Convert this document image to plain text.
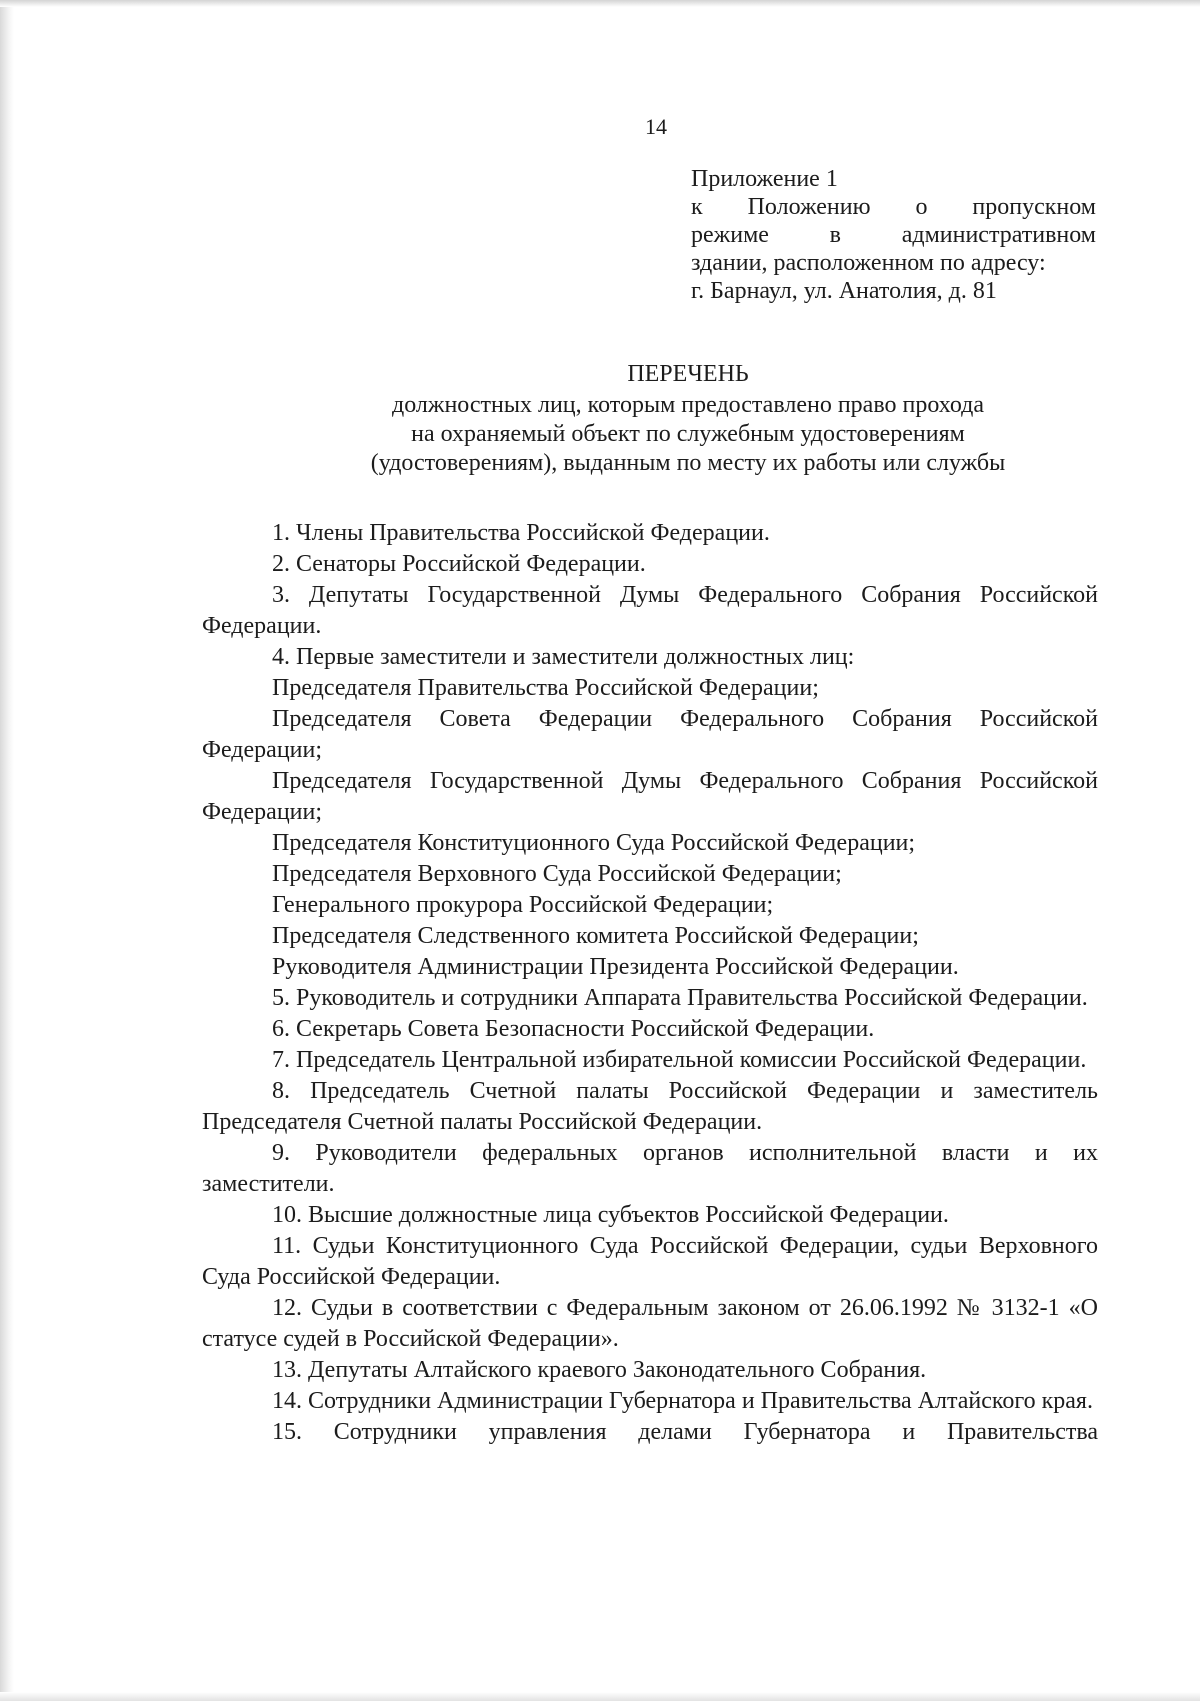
14
Приложение 1
к Положению о пропускном
режиме в административном
здании, расположенном по адресу:
г. Барнаул, ул. Анатолия, д. 81
ПЕРЕЧЕНЬ
должностных лиц, которым предоставлено право прохода
на охраняемый объект по служебным удостоверениям
(удостоверениям), выданным по месту их работы или службы

1. Члены Правительства Российской Федерации.

2. Сенаторы Российской Федерации.

3. Депутаты Государственной Думы Федерального Собрания Российской Федерации.

4. Первые заместители и заместители должностных лиц:

Председателя Правительства Российской Федерации;

Председателя Совета Федерации Федерального Собрания Российской Федерации;

Председателя Государственной Думы Федерального Собрания Российской Федерации;

Председателя Конституционного Суда Российской Федерации;

Председателя Верховного Суда Российской Федерации;

Генерального прокурора Российской Федерации;

Председателя Следственного комитета Российской Федерации;

Руководителя Администрации Президента Российской Федерации.

5. Руководитель и сотрудники Аппарата Правительства Российской Федерации.

6. Секретарь Совета Безопасности Российской Федерации.

7. Председатель Центральной избирательной комиссии Российской Федерации.

8. Председатель Счетной палаты Российской Федерации и заместитель Председателя Счетной палаты Российской Федерации.

9. Руководители федеральных органов исполнительной власти и их заместители.

10. Высшие должностные лица субъектов Российской Федерации.

11. Судьи Конституционного Суда Российской Федерации, судьи Верховного Суда Российской Федерации.

12. Судьи в соответствии с Федеральным законом от 26.06.1992 № 3132-1 «О статусе судей в Российской Федерации».

13. Депутаты Алтайского краевого Законодательного Собрания.

14. Сотрудники Администрации Губернатора и Правительства Алтайского края.

15. Сотрудники управления делами Губернатора и Правительства
